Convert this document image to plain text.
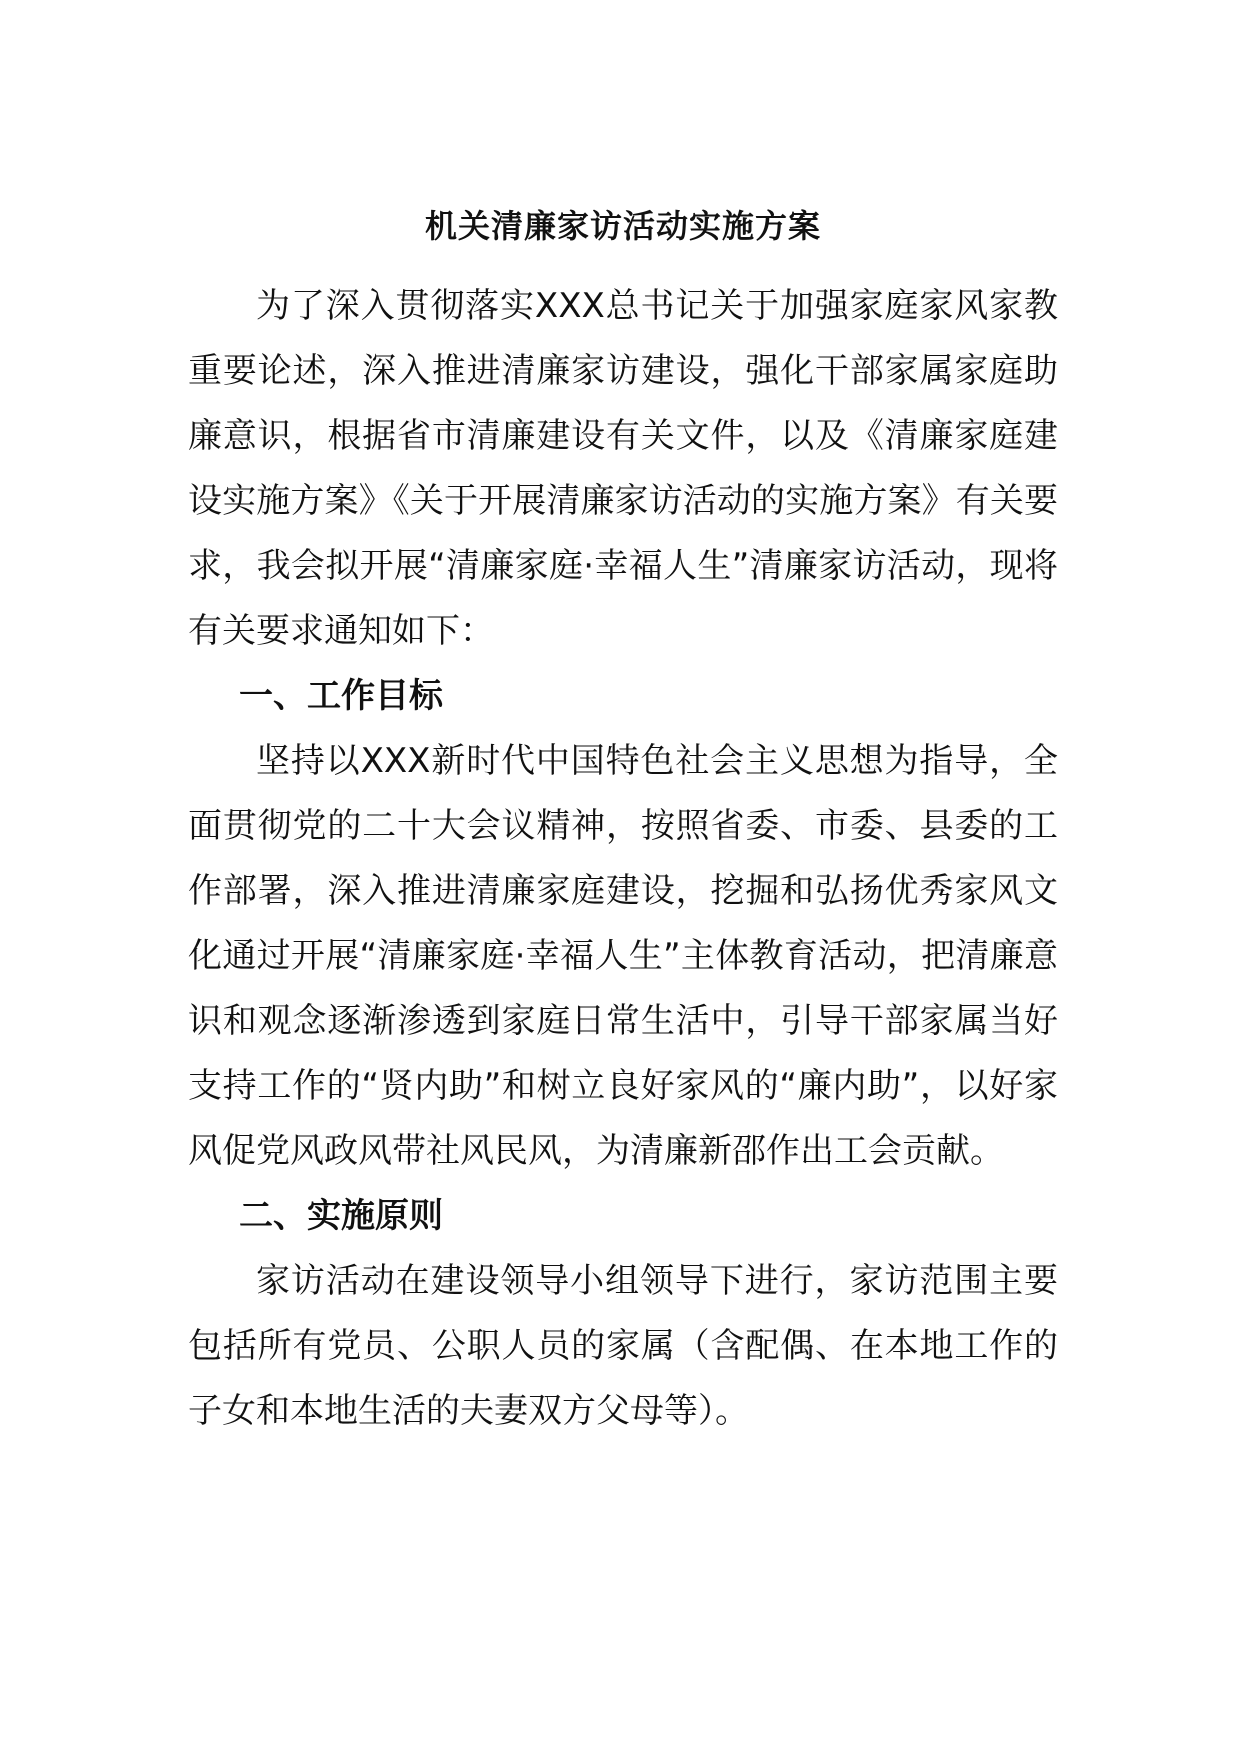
机关清廉家访活动实施方案

为了深入贯彻落实XXX总书记关于加强家庭家风家教重要论述，深入推进清廉家访建设，强化干部家属家庭助廉意识，根据省市清廉建设有关文件，以及《清廉家庭建设实施方案》《关于开展清廉家访活动的实施方案》有关要求，我会拟开展“清廉家庭·幸福人生”清廉家访活动，现将有关要求通知如下：

一、工作目标

坚持以XXX新时代中国特色社会主义思想为指导，全面贯彻党的二十大会议精神，按照省委、市委、县委的工作部署，深入推进清廉家庭建设，挖掘和弘扬优秀家风文化通过开展“清廉家庭·幸福人生”主体教育活动，把清廉意识和观念逐渐渗透到家庭日常生活中，引导干部家属当好支持工作的“贤内助”和树立良好家风的“廉内助”，以好家风促党风政风带社风民风，为清廉新邵作出工会贡献。

二、实施原则

家访活动在建设领导小组领导下进行，家访范围主要包括所有党员、公职人员的家属（含配偶、在本地工作的子女和本地生活的夫妻双方父母等）。
